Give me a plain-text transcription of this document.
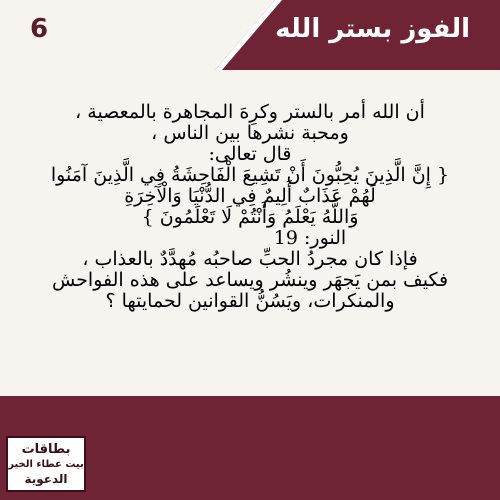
6	الفوز بستر الله
أن الله أمر بالستر وكرِهَ المجاهرة بالمعصية ،
ومحبة نشرها بين الناس ،
قال تعالى:
{ إِنَّ الَّذِينَ يُحِبُّونَ أَنْ تَشِيعَ الْفَاحِشَةُ فِي الَّذِينَ آمَنُوا
لَهُمْ عَذَابٌ أَلِيمٌ فِي الدُّنْيَا وَالْآخِرَةِ
وَاللَّهُ يَعْلَمُ وَأَنْتُمْ لَا تَعْلَمُونَ }
النور: 19
فإذا كان مجردُ الحبِّ صاحبُه مُهدَّدٌ بالعذاب ،
فكيف بمن يَجهَر وينشُر ويساعد على هذه الفواحش
والمنكرات، ويَسُنُّ القوانين لحمايتها ؟
بطاقات
بيت عطاء الخير
الدعوية
